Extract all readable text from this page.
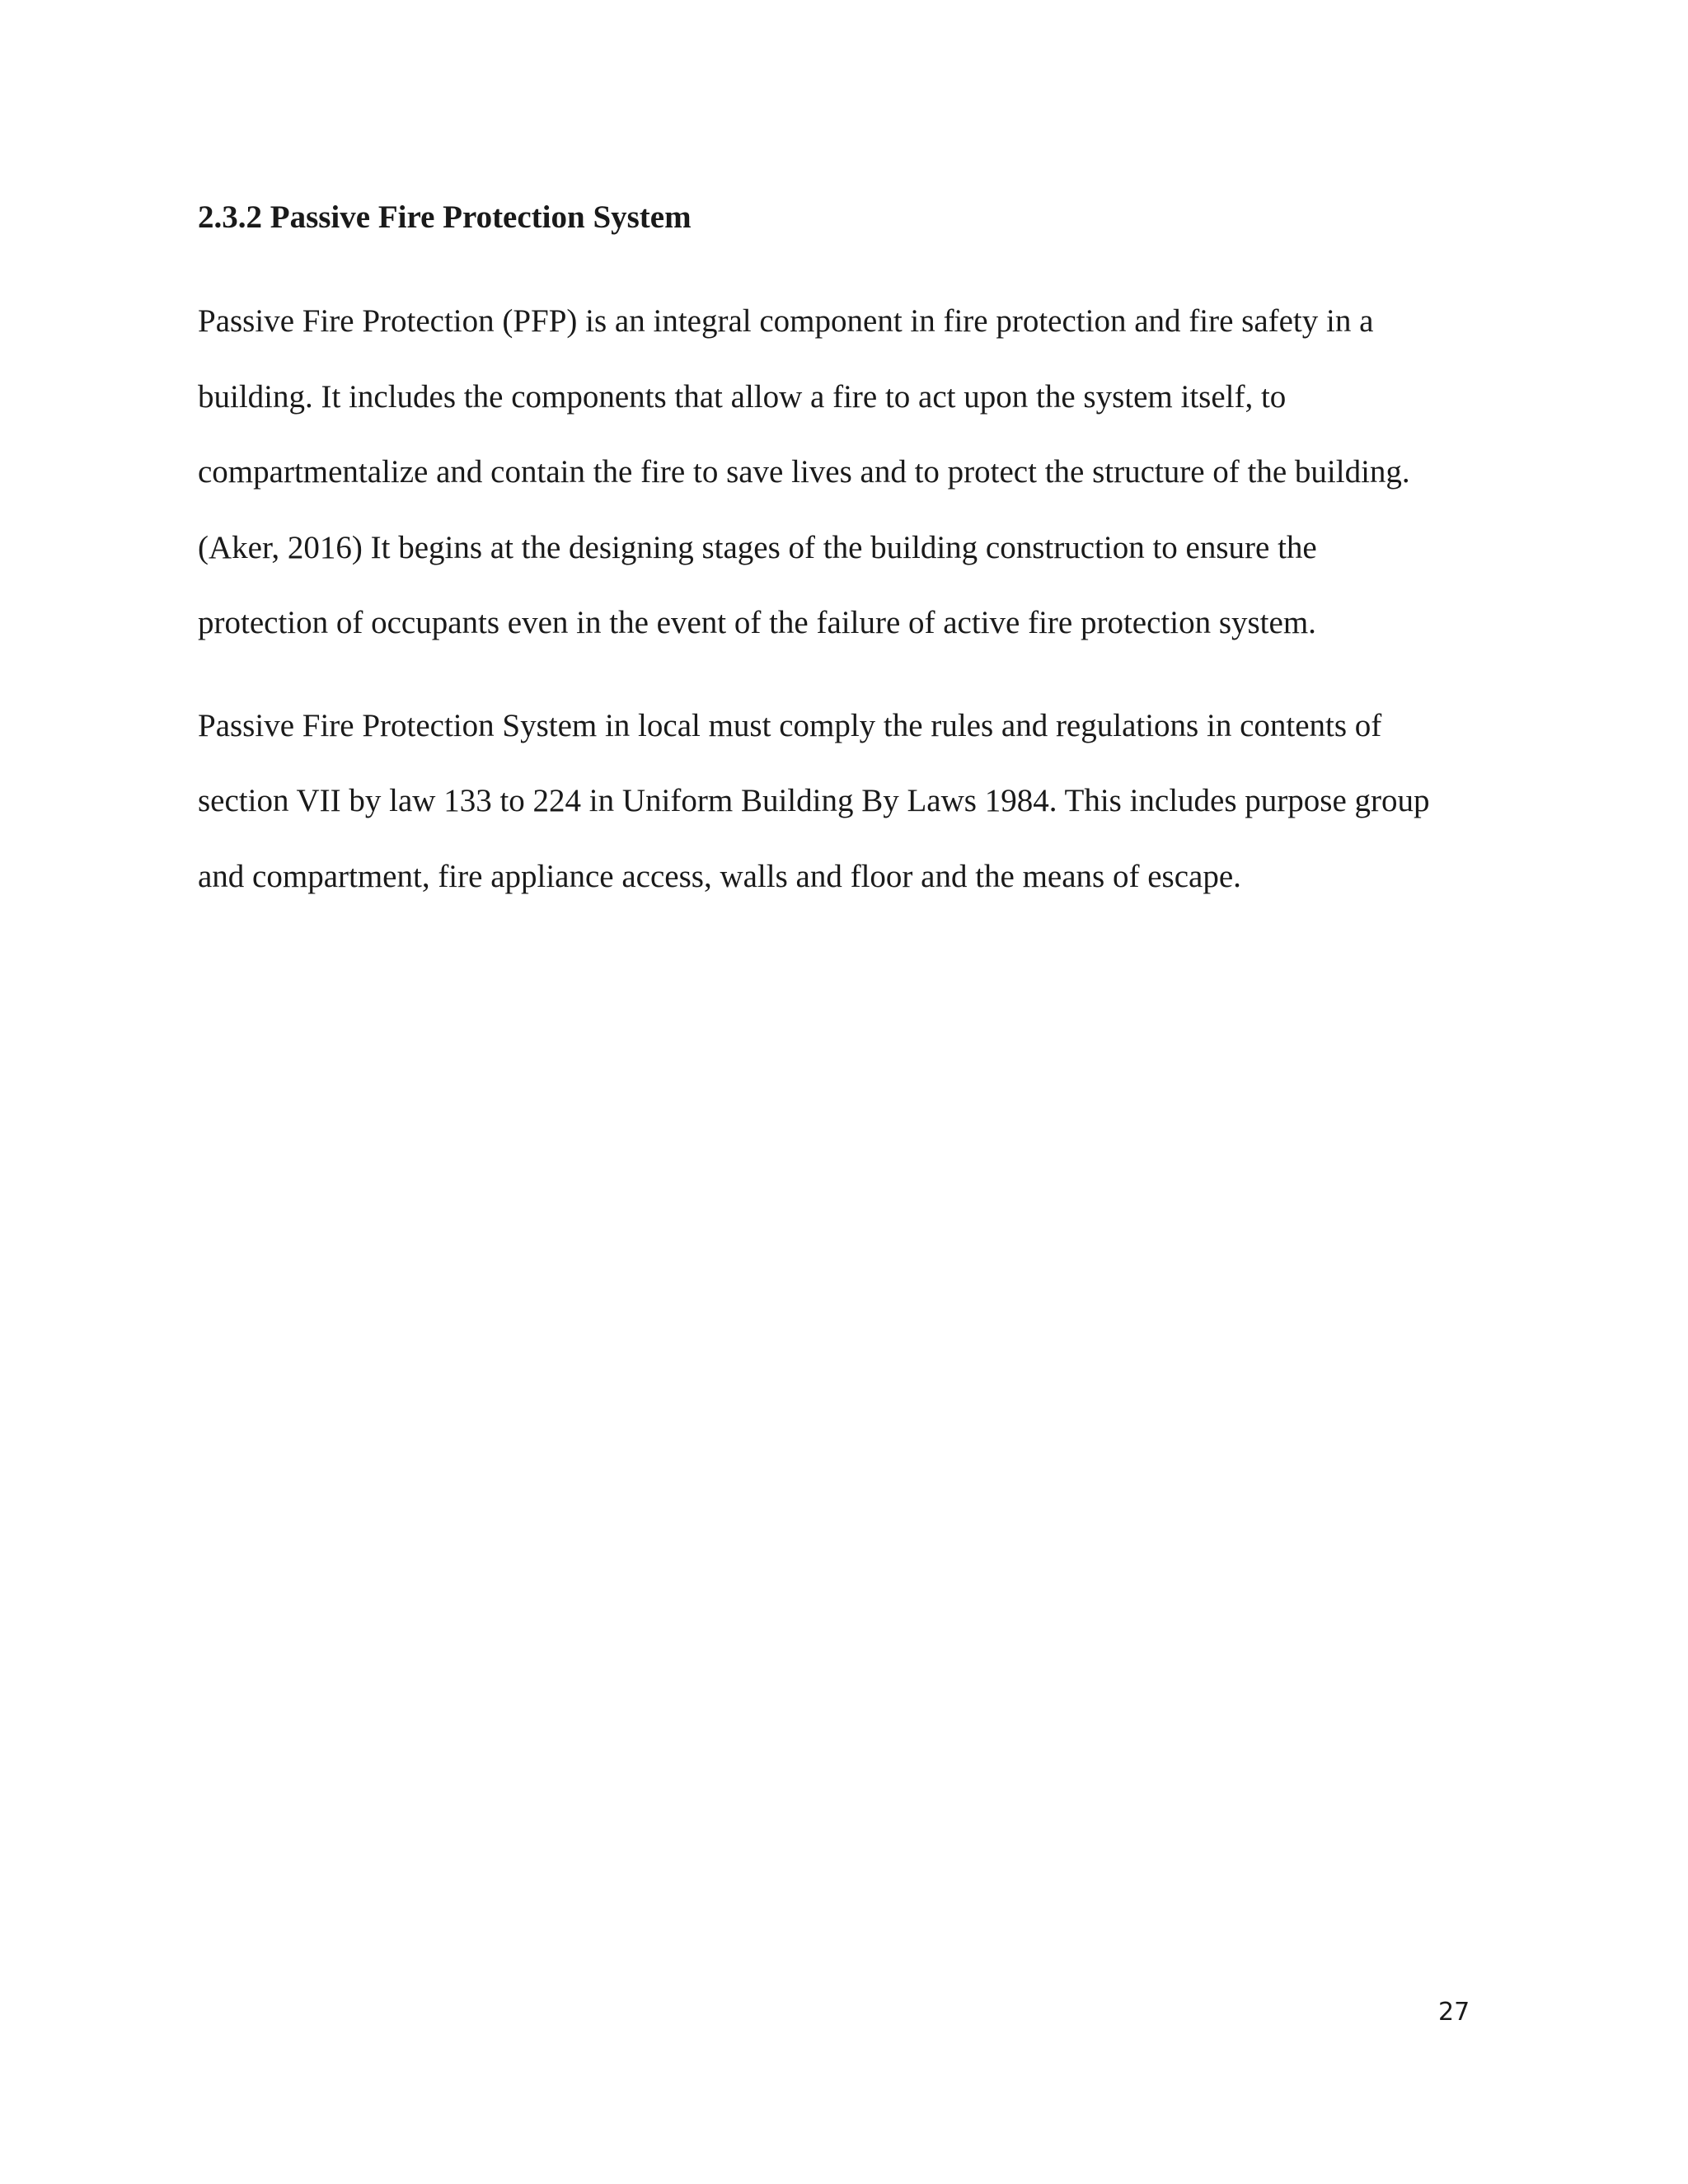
2.3.2 Passive Fire Protection System

Passive Fire Protection (PFP) is an integral component in fire protection and fire safety in a

building. It includes the components that allow a fire to act upon the system itself, to

compartmentalize and contain the fire to save lives and to protect the structure of the building.

(Aker, 2016) It begins at the designing stages of the building construction to ensure the

protection of occupants even in the event of the failure of active fire protection system.

Passive Fire Protection System in local must comply the rules and regulations in contents of

section VII by law 133 to 224 in Uniform Building By Laws 1984. This includes purpose group

and compartment, fire appliance access, walls and floor and the means of escape.

27
